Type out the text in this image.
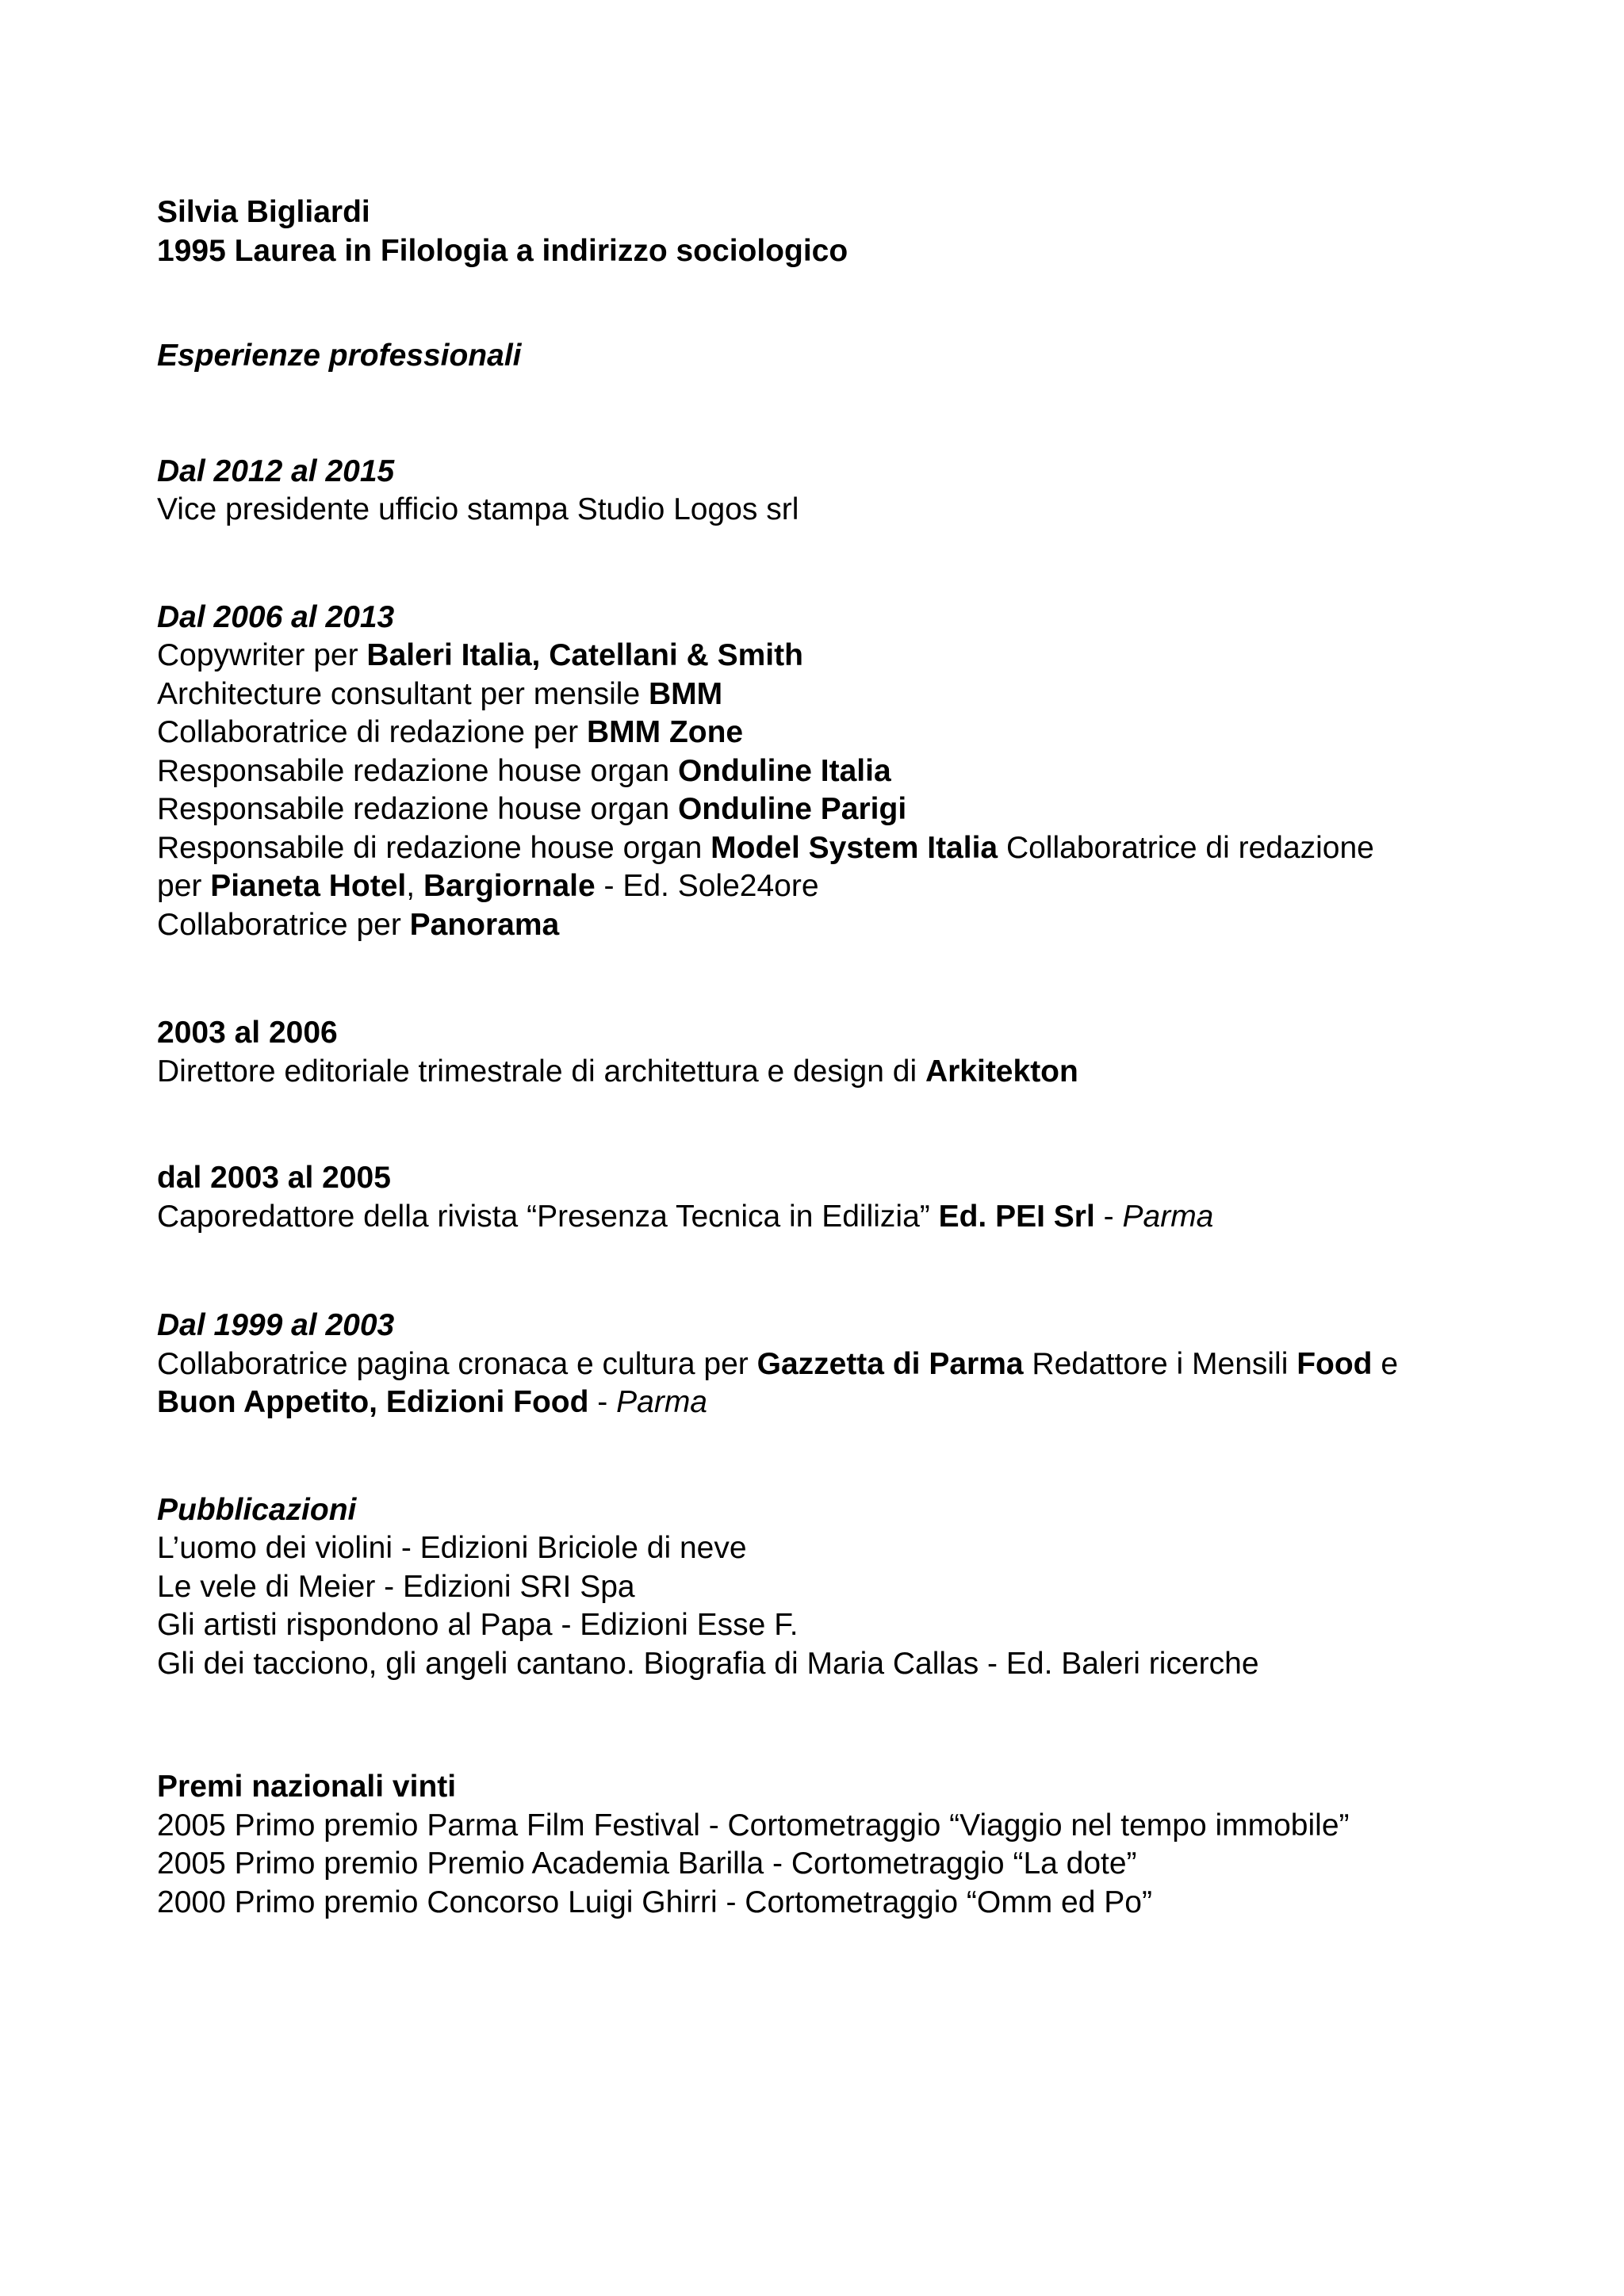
Silvia Bigliardi
1995 Laurea in Filologia a indirizzo sociologico
Esperienze professionali
Dal 2012 al 2015
Vice presidente ufficio stampa Studio Logos srl
Dal 2006 al 2013
Copywriter per Baleri Italia, Catellani & Smith
Architecture consultant per mensile BMM
Collaboratrice di redazione per BMM Zone
Responsabile redazione house organ Onduline Italia
Responsabile redazione house organ Onduline Parigi
Responsabile di redazione house organ Model System Italia Collaboratrice di redazione
per Pianeta Hotel, Bargiornale - Ed. Sole24ore
Collaboratrice per Panorama
2003 al 2006
Direttore editoriale trimestrale di architettura e design di Arkitekton
dal 2003 al 2005
Caporedattore della rivista “Presenza Tecnica in Edilizia” Ed. PEI Srl - Parma
Dal 1999 al 2003
Collaboratrice pagina cronaca e cultura per Gazzetta di Parma Redattore i Mensili Food e
Buon Appetito, Edizioni Food - Parma
Pubblicazioni
L’uomo dei violini - Edizioni Briciole di neve
Le vele di Meier - Edizioni SRI Spa
Gli artisti rispondono al Papa - Edizioni Esse F.
Gli dei tacciono, gli angeli cantano. Biografia di Maria Callas - Ed. Baleri ricerche
Premi nazionali vinti
2005 Primo premio Parma Film Festival - Cortometraggio “Viaggio nel tempo immobile”
2005 Primo premio Premio Academia Barilla - Cortometraggio “La dote”
2000 Primo premio Concorso Luigi Ghirri - Cortometraggio “Omm ed Po”
